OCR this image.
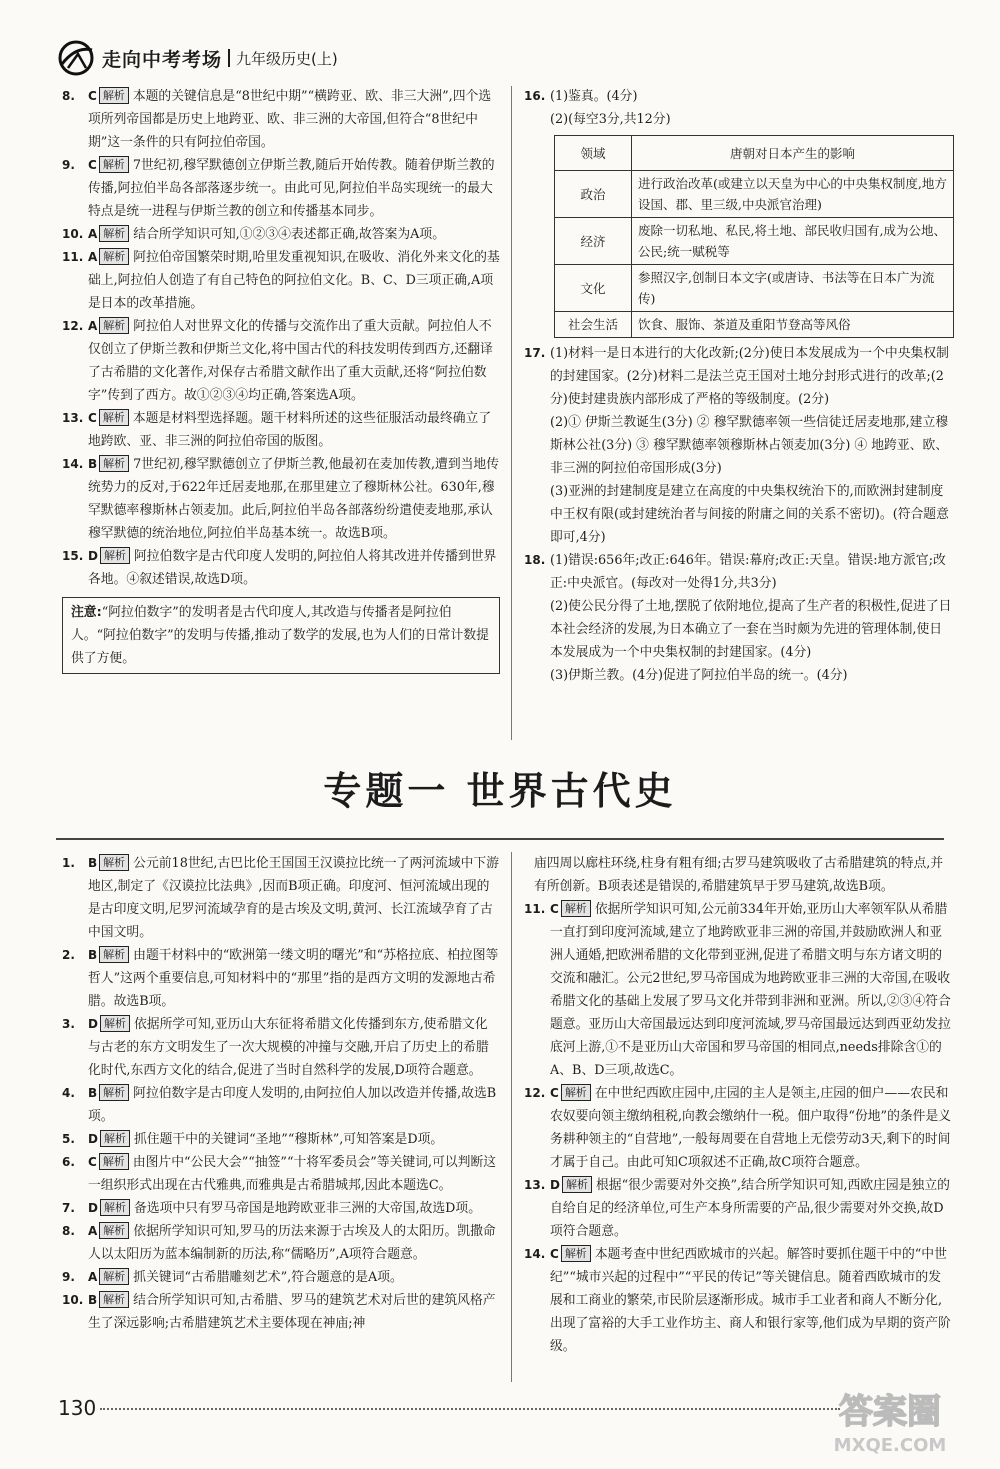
走向中考考场 九年级历史(上)

8. C 解析 本题的关键信息是“8世纪中期”“横跨亚、欧、非三大洲”,四个选项所列帝国都是历史上地跨亚、欧、非三洲的大帝国,但符合“8世纪中期”这一条件的只有阿拉伯帝国。

9. C 解析 7世纪初,穆罕默德创立伊斯兰教,随后开始传教。随着伊斯兰教的传播,阿拉伯半岛各部落逐步统一。由此可见,阿拉伯半岛实现统一的最大特点是统一进程与伊斯兰教的创立和传播基本同步。

10. A 解析 结合所学知识可知,①②③④表述都正确,故答案为A项。

11. A 解析 阿拉伯帝国繁荣时期,哈里发重视知识,在吸收、消化外来文化的基础上,阿拉伯人创造了有自己特色的阿拉伯文化。B、C、D三项正确,A项是日本的改革措施。

12. A 解析 阿拉伯人对世界文化的传播与交流作出了重大贡献。阿拉伯人不仅创立了伊斯兰教和伊斯兰文化,将中国古代的科技发明传到西方,还翻译了古希腊的文化著作,对保存古希腊文献作出了重大贡献,还将“阿拉伯数字”传到了西方。故①②③④均正确,答案选A项。

13. C 解析 本题是材料型选择题。题干材料所述的这些征服活动最终确立了地跨欧、亚、非三洲的阿拉伯帝国的版图。

14. B 解析 7世纪初,穆罕默德创立了伊斯兰教,他最初在麦加传教,遭到当地传统势力的反对,于622年迁居麦地那,在那里建立了穆斯林公社。630年,穆罕默德率穆斯林占领麦加。此后,阿拉伯半岛各部落纷纷遣使麦地那,承认穆罕默德的统治地位,阿拉伯半岛基本统一。故选B项。

15. D 解析 阿拉伯数字是古代印度人发明的,阿拉伯人将其改进并传播到世界各地。④叙述错误,故选D项。

注意:“阿拉伯数字”的发明者是古代印度人,其改造与传播者是阿拉伯人。“阿拉伯数字”的发明与传播,推动了数学的发展,也为人们的日常计数提供了方便。

16. (1)鉴真。(4分)

(2)(每空3分,共12分)

领域	唐朝对日本产生的影响
政治	进行政治改革(或建立以天皇为中心的中央集权制度,地方设国、郡、里三级,中央派官治理)
经济	废除一切私地、私民,将土地、部民收归国有,成为公地、公民;统一赋税等
文化	参照汉字,创制日本文字(或唐诗、书法等在日本广为流传)
社会生活	饮食、服饰、茶道及重阳节登高等风俗

17. (1)材料一是日本进行的大化改新;(2分)使日本发展成为一个中央集权制的封建国家。(2分)材料二是法兰克王国对土地分封形式进行的改革;(2分)使封建贵族内部形成了严格的等级制度。(2分)

(2)① 伊斯兰教诞生(3分) ② 穆罕默德率领一些信徒迁居麦地那,建立穆斯林公社(3分) ③ 穆罕默德率领穆斯林占领麦加(3分) ④ 地跨亚、欧、非三洲的阿拉伯帝国形成(3分)

(3)亚洲的封建制度是建立在高度的中央集权统治下的,而欧洲封建制度中王权有限(或封建统治者与间接的附庸之间的关系不密切)。(符合题意即可,4分)

18. (1)错误:656年;改正:646年。错误:幕府;改正:天皇。错误:地方派官;改正:中央派官。(每改对一处得1分,共3分)

(2)使公民分得了土地,摆脱了依附地位,提高了生产者的积极性,促进了日本社会经济的发展,为日本确立了一套在当时颇为先进的管理体制,使日本发展成为一个中央集权制的封建国家。(4分)

(3)伊斯兰教。(4分)促进了阿拉伯半岛的统一。(4分)

专题一 世界古代史

1. B 解析 公元前18世纪,古巴比伦王国国王汉谟拉比统一了两河流域中下游地区,制定了《汉谟拉比法典》,因而B项正确。印度河、恒河流域出现的是古印度文明,尼罗河流域孕育的是古埃及文明,黄河、长江流域孕育了古中国文明。

2. B 解析 由题干材料中的“欧洲第一缕文明的曙光”和“苏格拉底、柏拉图等哲人”这两个重要信息,可知材料中的“那里”指的是西方文明的发源地古希腊。故选B项。

3. D 解析 依据所学可知,亚历山大东征将希腊文化传播到东方,使希腊文化与古老的东方文明发生了一次大规模的冲撞与交融,开启了历史上的希腊化时代,东西方文化的结合,促进了当时自然科学的发展,D项符合题意。

4. B 解析 阿拉伯数字是古印度人发明的,由阿拉伯人加以改造并传播,故选B项。

5. D 解析 抓住题干中的关键词“圣地”“穆斯林”,可知答案是D项。

6. C 解析 由图片中“公民大会”“抽签”“十将军委员会”等关键词,可以判断这一组织形式出现在古代雅典,而雅典是古希腊城邦,因此本题选C。

7. D 解析 备选项中只有罗马帝国是地跨欧亚非三洲的大帝国,故选D项。

8. A 解析 依据所学知识可知,罗马的历法来源于古埃及人的太阳历。凯撒命人以太阳历为蓝本编制新的历法,称“儒略历”,A项符合题意。

9. A 解析 抓关键词“古希腊雕刻艺术”,符合题意的是A项。

10. B 解析 结合所学知识可知,古希腊、罗马的建筑艺术对后世的建筑风格产生了深远影响;古希腊建筑艺术主要体现在神庙;神

庙四周以廊柱环绕,柱身有粗有细;古罗马建筑吸收了古希腊建筑的特点,并有所创新。B项表述是错误的,希腊建筑早于罗马建筑,故选B项。

11. C 解析 依据所学知识可知,公元前334年开始,亚历山大率领军队从希腊一直打到印度河流域,建立了地跨欧亚非三洲的帝国,并鼓励欧洲人和亚洲人通婚,把欧洲希腊的文化带到亚洲,促进了希腊文明与东方诸文明的交流和融汇。公元2世纪,罗马帝国成为地跨欧亚非三洲的大帝国,在吸收希腊文化的基础上发展了罗马文化并带到非洲和亚洲。所以,②③④符合题意。亚历山大帝国最远达到印度河流域,罗马帝国最远达到西亚幼发拉底河上游,①不是亚历山大帝国和罗马帝国的相同点,needs排除含①的A、B、D三项,故选C。

12. C 解析 在中世纪西欧庄园中,庄园的主人是领主,庄园的佃户——农民和农奴要向领主缴纳租税,向教会缴纳什一税。佃户取得“份地”的条件是义务耕种领主的“自营地”,一般每周要在自营地上无偿劳动3天,剩下的时间才属于自己。由此可知C项叙述不正确,故C项符合题意。

13. D 解析 根据“很少需要对外交换”,结合所学知识可知,西欧庄园是独立的自给自足的经济单位,可生产本身所需要的产品,很少需要对外交换,故D项符合题意。

14. C 解析 本题考查中世纪西欧城市的兴起。解答时要抓住题干中的“中世纪”“城市兴起的过程中”“平民的传记”等关键信息。随着西欧城市的发展和工商业的繁荣,市民阶层逐渐形成。城市手工业者和商人不断分化,出现了富裕的大手工业作坊主、商人和银行家等,他们成为早期的资产阶级。

130	答案圈
MXQE.COM
